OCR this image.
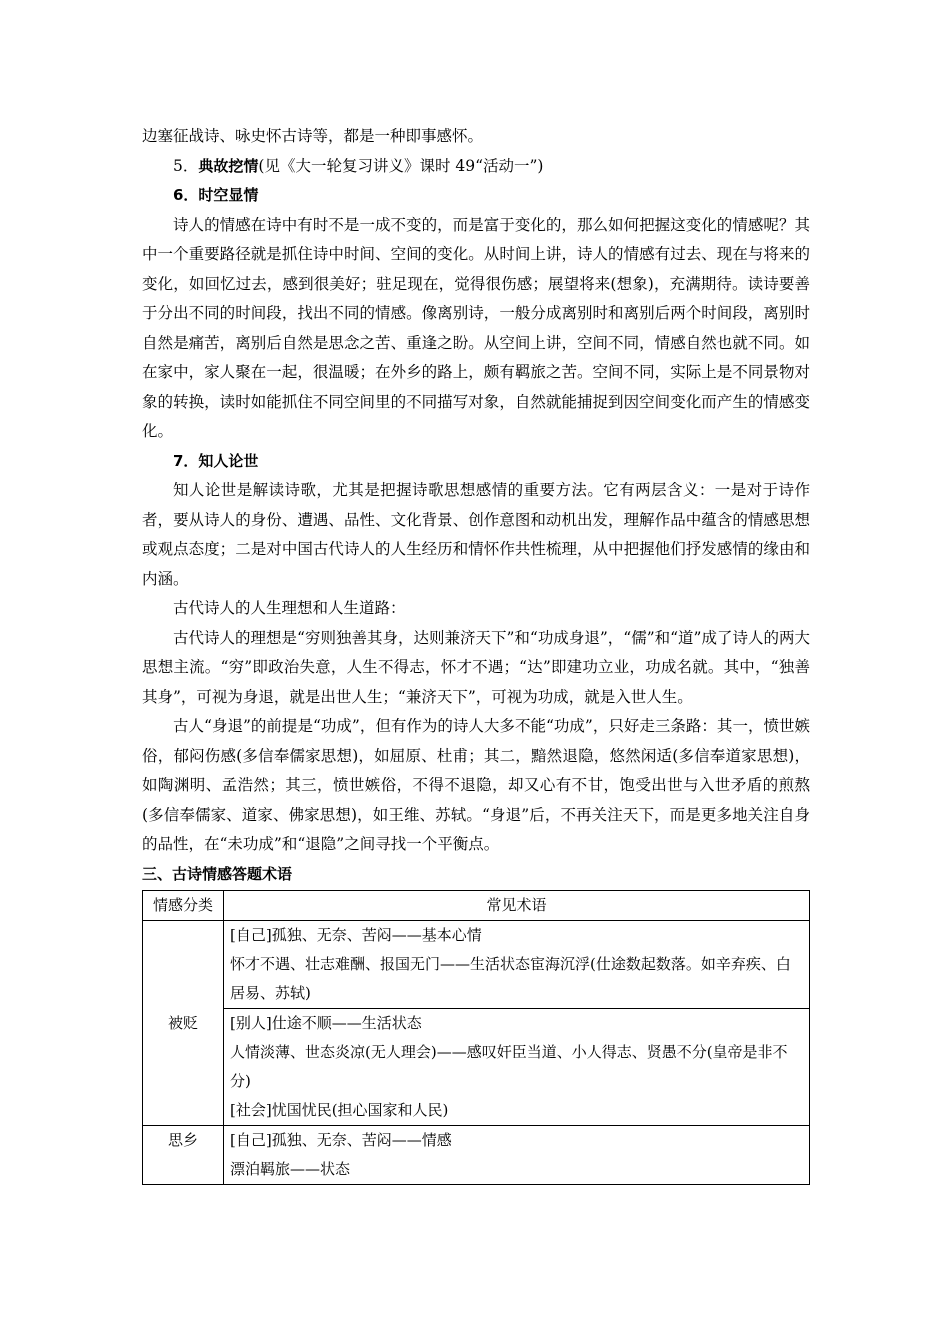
边塞征战诗、咏史怀古诗等，都是一种即事感怀。

5．典故挖情(见《大一轮复习讲义》课时 49“活动一”)

6．时空显情

诗人的情感在诗中有时不是一成不变的，而是富于变化的，那么如何把握这变化的情感呢？其中一个重要路径就是抓住诗中时间、空间的变化。从时间上讲，诗人的情感有过去、现在与将来的变化，如回忆过去，感到很美好；驻足现在，觉得很伤感；展望将来(想象)，充满期待。读诗要善于分出不同的时间段，找出不同的情感。像离别诗，一般分成离别时和离别后两个时间段，离别时自然是痛苦，离别后自然是思念之苦、重逢之盼。从空间上讲，空间不同，情感自然也就不同。如在家中，家人聚在一起，很温暖；在外乡的路上，颇有羁旅之苦。空间不同，实际上是不同景物对象的转换，读时如能抓住不同空间里的不同描写对象，自然就能捕捉到因空间变化而产生的情感变化。

7．知人论世

知人论世是解读诗歌，尤其是把握诗歌思想感情的重要方法。它有两层含义：一是对于诗作者，要从诗人的身份、遭遇、品性、文化背景、创作意图和动机出发，理解作品中蕴含的情感思想或观点态度；二是对中国古代诗人的人生经历和情怀作共性梳理，从中把握他们抒发感情的缘由和内涵。

古代诗人的人生理想和人生道路：

古代诗人的理想是“穷则独善其身，达则兼济天下”和“功成身退”，“儒”和“道”成了诗人的两大思想主流。“穷”即政治失意，人生不得志，怀才不遇；“达”即建功立业，功成名就。其中，“独善其身”，可视为身退，就是出世人生；“兼济天下”，可视为功成，就是入世人生。

古人“身退”的前提是“功成”，但有作为的诗人大多不能“功成”，只好走三条路：其一，愤世嫉俗，郁闷伤感(多信奉儒家思想)，如屈原、杜甫；其二，黯然退隐，悠然闲适(多信奉道家思想)，如陶渊明、孟浩然；其三，愤世嫉俗，不得不退隐，却又心有不甘，饱受出世与入世矛盾的煎熬(多信奉儒家、道家、佛家思想)，如王维、苏轼。“身退”后，不再关注天下，而是更多地关注自身的品性，在“未功成”和“退隐”之间寻找一个平衡点。

三、古诗情感答题术语

情感分类	常见术语
被贬	[自己]孤独、无奈、苦闷——基本心情
怀才不遇、壮志难酬、报国无门——生活状态宦海沉浮(仕途数起数落。如辛弃疾、白居易、苏轼)

	[别人]仕途不顺——生活状态
人情淡薄、世态炎凉(无人理会)——感叹奸臣当道、小人得志、贤愚不分(皇帝是非不分)
[社会]忧国忧民(担心国家和人民)

思乡	[自己]孤独、无奈、苦闷——情感
漂泊羁旅——状态
